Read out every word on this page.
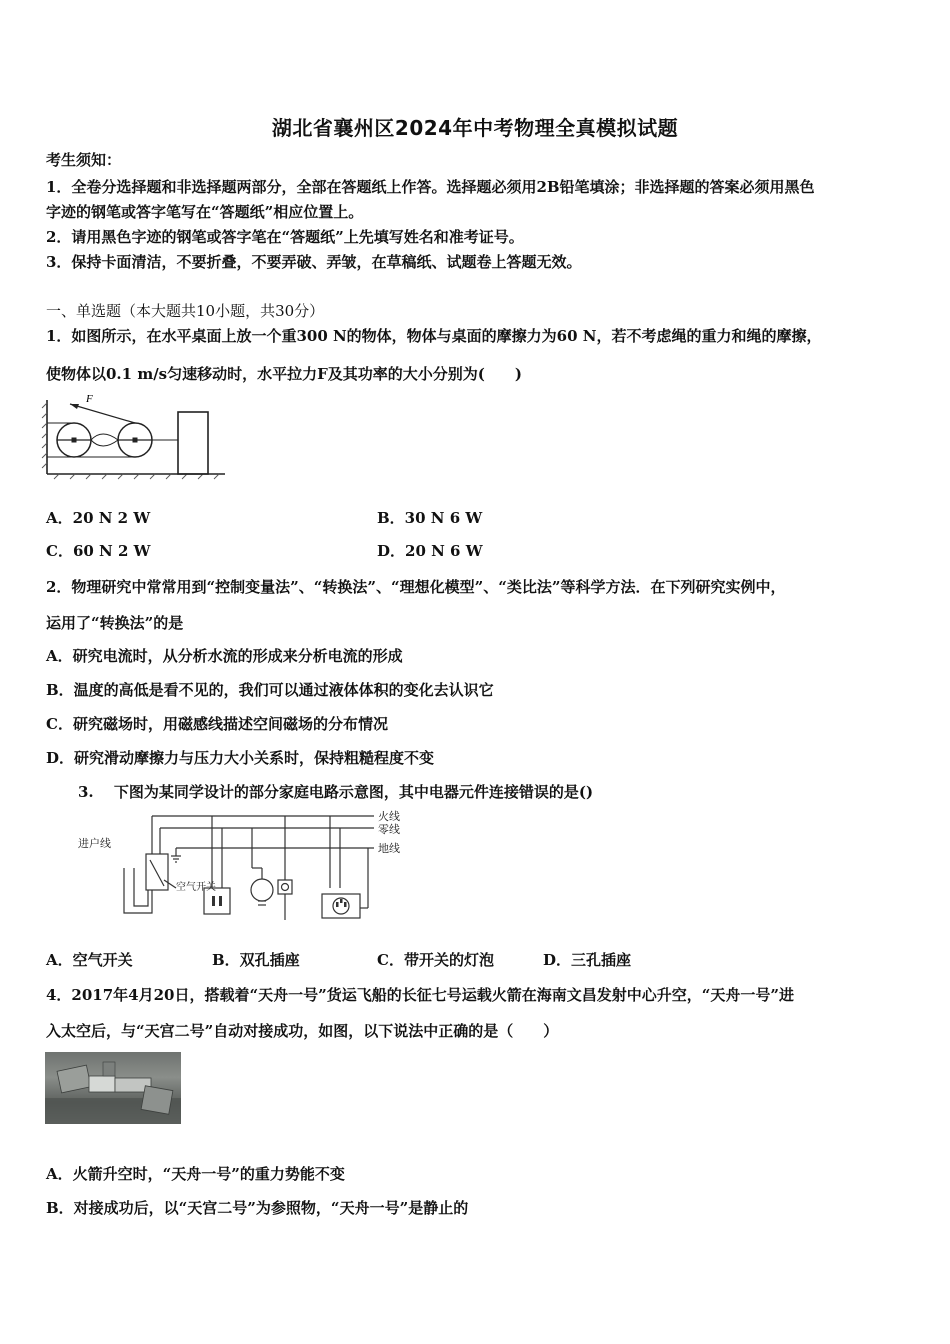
湖北省襄州区2024年中考物理全真模拟试题
考生须知：
1．全卷分选择题和非选择题两部分，全部在答题纸上作答。选择题必须用2B铅笔填涂；非选择题的答案必须用黑色
字迹的钢笔或答字笔写在“答题纸”相应位置上。
2．请用黑色字迹的钢笔或答字笔在“答题纸”上先填写姓名和准考证号。
3．保持卡面清洁，不要折叠，不要弄破、弄皱，在草稿纸、试题卷上答题无效。
一、单选题（本大题共10小题，共30分）
1．如图所示，在水平桌面上放一个重300 N的物体，物体与桌面的摩擦力为60 N，若不考虑绳的重力和绳的摩擦，
使物体以0.1 m/s匀速移动时，水平拉力F及其功率的大小分别为(　　)
F
A．20 N 2 W	B．30 N 6 W
C．60 N 2 W	D．20 N 6 W
2．物理研究中常常用到“控制变量法”、“转换法”、“理想化模型”、“类比法”等科学方法．在下列研究实例中，
运用了“转换法”的是
A．研究电流时，从分析水流的形成来分析电流的形成
B．温度的高低是看不见的，我们可以通过液体体积的变化去认识它
C．研究磁场时，用磁感线描述空间磁场的分布情况
D．研究滑动摩擦力与压力大小关系时，保持粗糙程度不变
3.　 下图为某同学设计的部分家庭电路示意图，其中电器元件连接错误的是()
进户线
火线
零线
地线
空气开关
A．空气开关	B．双孔插座	C．带开关的灯泡	D．三孔插座
4．2017年4月20日，搭载着“天舟一号”货运飞船的长征七号运载火箭在海南文昌发射中心升空，“天舟一号”进
入太空后，与“天宫二号”自动对接成功，如图，以下说法中正确的是（　　）
A．火箭升空时，“天舟一号”的重力势能不变
B．对接成功后，以“天宫二号”为参照物，“天舟一号”是静止的
